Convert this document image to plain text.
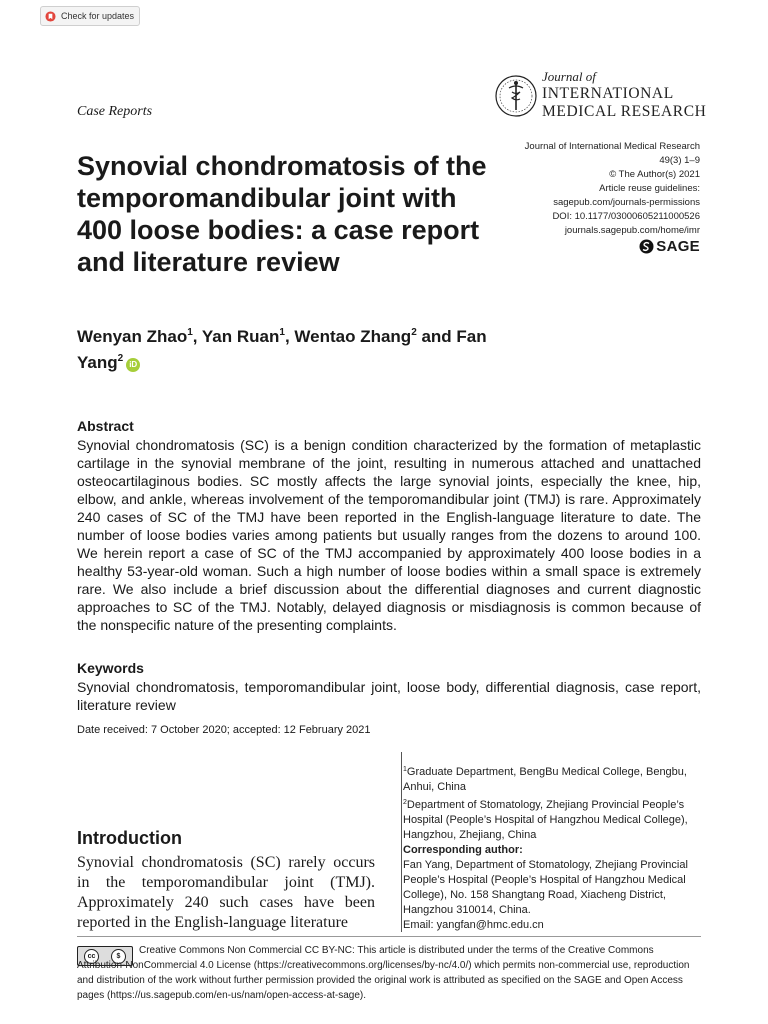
Check for updates
Journal of
INTERNATIONAL
MEDICAL RESEARCH
Case Reports
Journal of International Medical Research
49(3) 1–9
© The Author(s) 2021
Article reuse guidelines:
sagepub.com/journals-permissions
DOI: 10.1177/03000605211000526
journals.sagepub.com/home/imr
SAGE
Synovial chondromatosis of the temporomandibular joint with 400 loose bodies: a case report and literature review
Wenyan Zhao$^1$, Yan Ruan$^1$, Wentao Zhang$^2$ and Fan Yang$^2$iD
Abstract

Synovial chondromatosis (SC) is a benign condition characterized by the formation of metaplastic cartilage in the synovial membrane of the joint, resulting in numerous attached and unattached osteocartilaginous bodies. SC mostly affects the large synovial joints, especially the knee, hip, elbow, and ankle, whereas involvement of the temporomandibular joint (TMJ) is rare. Approximately 240 cases of SC of the TMJ have been reported in the English-language literature to date. The number of loose bodies varies among patients but usually ranges from the dozens to around 100. We herein report a case of SC of the TMJ accompanied by approximately 400 loose bodies in a healthy 53-year-old woman. Such a high number of loose bodies within a small space is extremely rare. We also include a brief discussion about the differential diagnoses and current diagnostic approaches to SC of the TMJ. Notably, delayed diagnosis or misdiagnosis is common because of the nonspecific nature of the presenting complaints.

Keywords

Synovial chondromatosis, temporomandibular joint, loose body, differential diagnosis, case report, literature review

Date received: 7 October 2020; accepted: 12 February 2021

$^1$Graduate Department, BengBu Medical College, Bengbu, Anhui, China

$^2$Department of Stomatology, Zhejiang Provincial People’s Hospital (People’s Hospital of Hangzhou Medical College), Hangzhou, Zhejiang, China

Corresponding author:

Fan Yang, Department of Stomatology, Zhejiang Provincial People’s Hospital (People’s Hospital of Hangzhou Medical College), No. 158 Shangtang Road, Xiacheng District, Hangzhou 310014, China.

Email: yangfan@hmc.edu.cn

Introduction

Synovial chondromatosis (SC) rarely occurs in the temporomandibular joint (TMJ). Approximately 240 such cases have been reported in the English-language literature

cc	$	Creative Commons Non Commercial CC BY-NC: This article is distributed under the terms of the Creative Commons Attribution-NonCommercial 4.0 License (https://creativecommons.org/licenses/by-nc/4.0/) which permits non-commercial use, reproduction and distribution of the work without further permission provided the original work is attributed as specified on the SAGE and Open Access pages (https://us.sagepub.com/en-us/nam/open-access-at-sage).
